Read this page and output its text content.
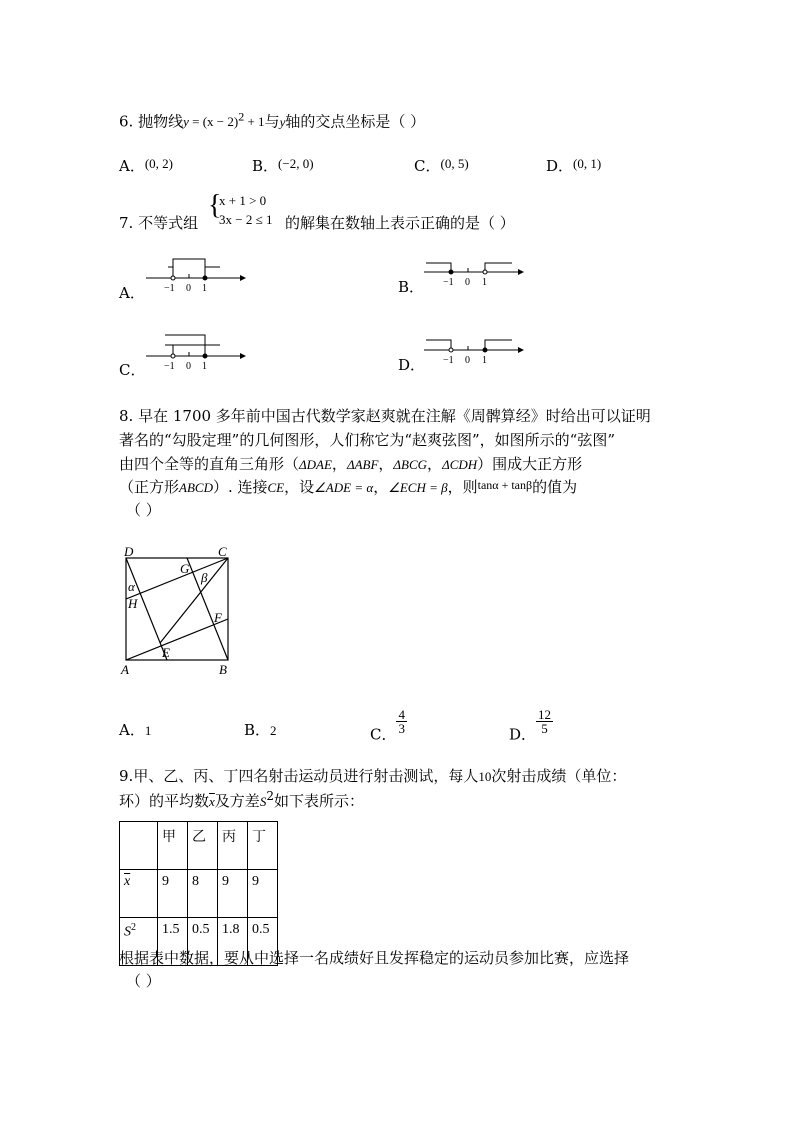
6. 抛物线$y = (x - 2)^2 + 1$与y轴的交点坐标是（ ）
A．(0, 2)	B．(−2, 0)	C．(0, 5)	D．(0, 1)
7. 不等式组
{
x + 1 > 0
3x − 2 ≤ 1 的解集在数轴上表示正确的是（ ）
A．	B．
C．	D．
−1 0 1
−1 0 1
−1 0 1
−1 0 1
8. 早在 1700 多年前中国古代数学家赵爽就在注解《周髀算经》时给出可以证明
著名的“勾股定理”的几何图形，人们称它为“赵爽弦图”，如图所示的“弦图”
由四个全等的直角三角形（ΔDAE，ΔABF，ΔBCG，ΔCDH）围成大正方形
（正方形ABCD）. 连接CE，设∠ADE = α，∠ECH = β，则$^{tan\alpha + tan\beta}$的值为
（ ）
D	C
A	B
E
F
G
H
α
β
A．1	B．2	C． $\frac{4}{3}$	D． $\frac{12}{5}$
9.甲、乙、丙、丁四名射击运动员进行射击测试，每人10次射击成绩（单位：
环）的平均数$\overline{x}$及方差$S^2$如下表所示：
	甲	乙	丙	丁
$\overline{x}$	9	8	9	9
$S^2$	1.5	0.5	1.8	0.5
根据表中数据，要从中选择一名成绩好且发挥稳定的运动员参加比赛，应选择
（ ）
